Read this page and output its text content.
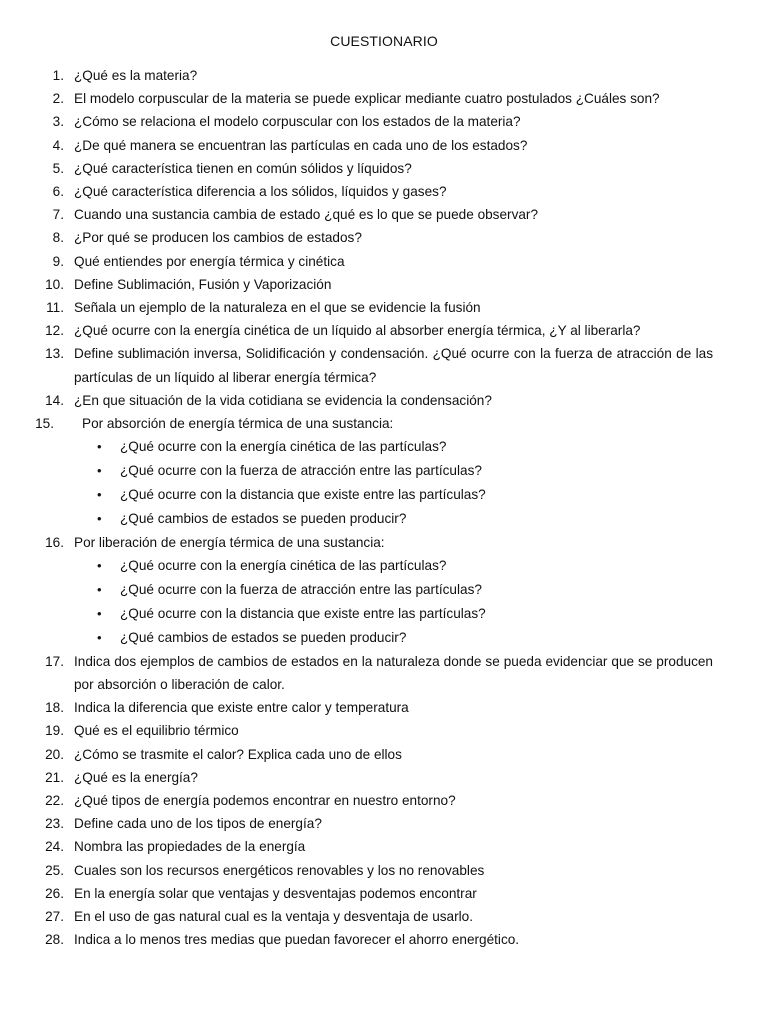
CUESTIONARIO
1. ¿Qué es la materia?
2. El modelo corpuscular de la materia se puede explicar mediante cuatro postulados ¿Cuáles son?
3. ¿Cómo se relaciona el modelo corpuscular con los estados de la materia?
4. ¿De qué manera se encuentran las partículas en cada uno de los estados?
5. ¿Qué característica tienen en común sólidos y líquidos?
6. ¿Qué característica diferencia a los sólidos, líquidos y gases?
7. Cuando una sustancia cambia de estado ¿qué es lo que se puede observar?
8. ¿Por qué se producen los cambios de estados?
9. Qué entiendes por energía térmica y cinética
10. Define Sublimación, Fusión y Vaporización
11. Señala un ejemplo de la naturaleza en el que se evidencie la fusión
12. ¿Qué ocurre con la energía cinética de un líquido al absorber energía térmica, ¿Y al liberarla?
13. Define sublimación inversa, Solidificación y condensación. ¿Qué ocurre con la fuerza de atracción de las partículas de un líquido al liberar energía térmica?
14. ¿En que situación de la vida cotidiana se evidencia la condensación?
15. Por absorción de energía térmica de una sustancia:
• ¿Qué ocurre con la energía cinética de las partículas?
• ¿Qué ocurre con la fuerza de atracción entre las partículas?
• ¿Qué ocurre con la distancia que existe entre las partículas?
• ¿Qué cambios de estados se pueden producir?
16. Por liberación de energía térmica de una sustancia:
• ¿Qué ocurre con la energía cinética de las partículas?
• ¿Qué ocurre con la fuerza de atracción entre las partículas?
• ¿Qué ocurre con la distancia que existe entre las partículas?
• ¿Qué cambios de estados se pueden producir?
17. Indica dos ejemplos de cambios de estados en la naturaleza donde se pueda evidenciar que se producen por absorción o liberación de calor.
18. Indica la diferencia que existe entre calor y temperatura
19. Qué es el equilibrio térmico
20. ¿Cómo se trasmite el calor? Explica cada uno de ellos
21. ¿Qué es la energía?
22. ¿Qué tipos de energía podemos encontrar en nuestro entorno?
23. Define cada uno de los tipos de energía?
24. Nombra las propiedades de la energía
25. Cuales son los recursos energéticos renovables y los no renovables
26. En la energía solar que ventajas y desventajas podemos encontrar
27. En el uso de gas natural cual es la ventaja y desventaja de usarlo.
28. Indica a lo menos tres medias que puedan favorecer el ahorro energético.
